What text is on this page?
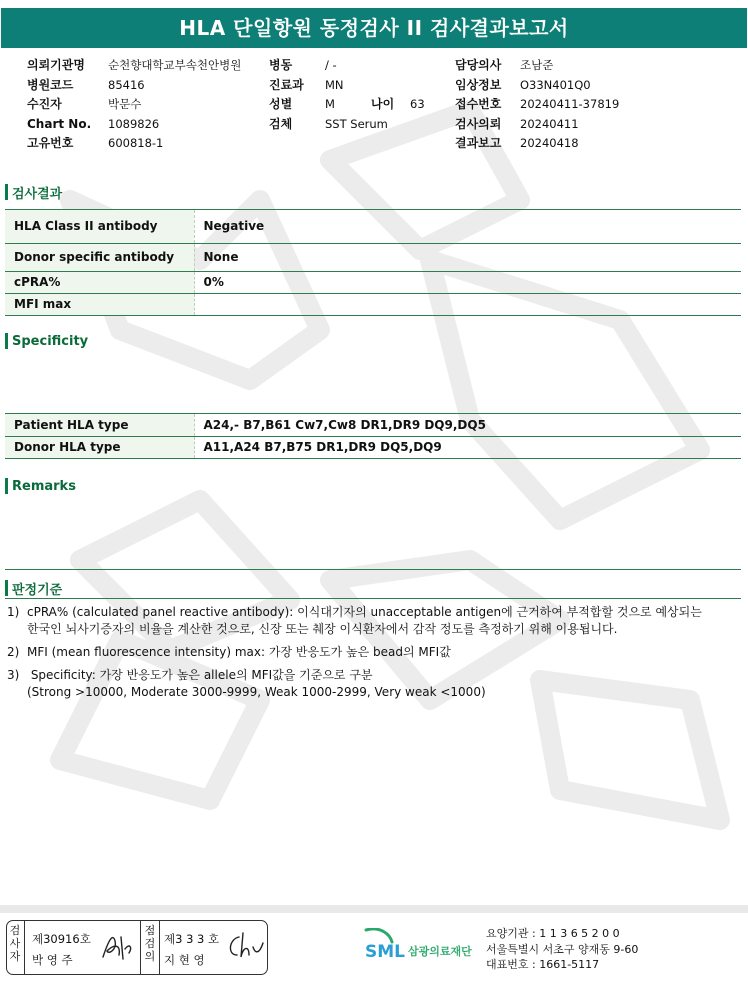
HLA 단일항원 동정검사 II 검사결과보고서
의뢰기관명 순천향대학교부속천안병원
병원코드	85416
수진자	박문수
Chart No. 1089826
고유번호	600818-1
병동	/ -
진료과 MN
성별	M	나이 63
검체	SST Serum
담당의사 조남준
임상정보 O33N401Q0
접수번호 20240411-37819
검사의뢰 20240411
결과보고 20240418
검사결과
HLA Class II antibody	Negative
Donor specific antibody	None
cPRA%	0%
MFI max	
Specificity
Patient HLA type	A24,- B7,B61 Cw7,Cw8 DR1,DR9 DQ9,DQ5
Donor HLA type	A11,A24 B7,B75 DR1,DR9 DQ5,DQ9
Remarks
판정기준
1) cPRA% (calculated panel reactive antibody): 이식대기자의 unacceptable antigen에 근거하여 부적합할 것으로 예상되는
한국인 뇌사기증자의 비율을 계산한 것으로, 신장 또는 췌장 이식환자에서 감작 정도를 측정하기 위해 이용됩니다.
2) MFI (mean fluorescence intensity) max: 가장 반응도가 높은 bead의 MFI값
3) Specificity: 가장 반응도가 높은 allele의 MFI값을 기준으로 구분
(Strong >10000, Moderate 3000-9999, Weak 1000-2999, Very weak <1000)
검
사
자
제30916호
박 영 주
점
검
의
제3 3 3 호
지 현 영	SML 삼광의료재단
요양기관 : 1 1 3 6 5 2 0 0
서울특별시 서초구 양재동 9-60
대표번호 : 1661-5117
